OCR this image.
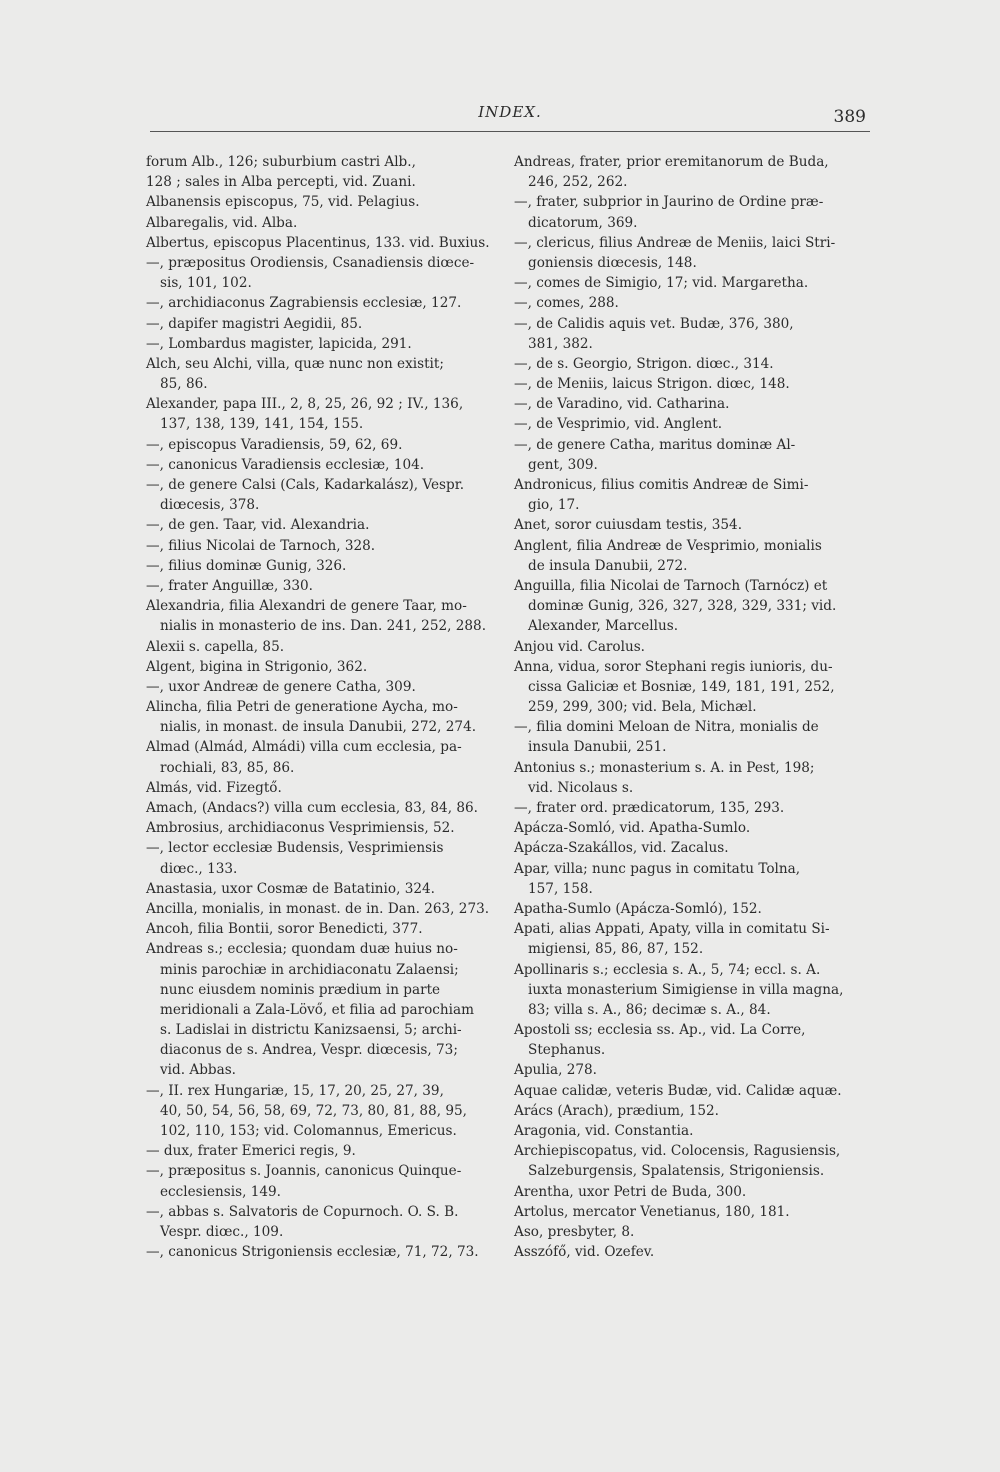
INDEX.	389
forum Alb., 126; suburbium castri Alb.,
128 ; sales in Alba percepti, vid. Zuani.
Albanensis episcopus, 75, vid. Pelagius.
Albaregalis, vid. Alba.
Albertus, episcopus Placentinus, 133. vid. Buxius.
—, præpositus Orodiensis, Csanadiensis diœce-
sis, 101, 102.
—, archidiaconus Zagrabiensis ecclesiæ, 127.
—, dapifer magistri Aegidii, 85.
—, Lombardus magister, lapicida, 291.
Alch, seu Alchi, villa, quæ nunc non existit;
85, 86.
Alexander, papa III., 2, 8, 25, 26, 92 ; IV., 136,
137, 138, 139, 141, 154, 155.
—, episcopus Varadiensis, 59, 62, 69.
—, canonicus Varadiensis ecclesiæ, 104.
—, de genere Calsi (Cals, Kadarkalász), Vespr.
diœcesis, 378.
—, de gen. Taar, vid. Alexandria.
—, filius Nicolai de Tarnoch, 328.
—, filius dominæ Gunig, 326.
—, frater Anguillæ, 330.
Alexandria, filia Alexandri de genere Taar, mo-
nialis in monasterio de ins. Dan. 241, 252, 288.
Alexii s. capella, 85.
Algent, bigina in Strigonio, 362.
—, uxor Andreæ de genere Catha, 309.
Alincha, filia Petri de generatione Aycha, mo-
nialis, in monast. de insula Danubii, 272, 274.
Almad (Almád, Almádi) villa cum ecclesia, pa-
rochiali, 83, 85, 86.
Almás, vid. Fizegtő.
Amach, (Andacs?) villa cum ecclesia, 83, 84, 86.
Ambrosius, archidiaconus Vesprimiensis, 52.
—, lector ecclesiæ Budensis, Vesprimiensis
diœc., 133.
Anastasia, uxor Cosmæ de Batatinio, 324.
Ancilla, monialis, in monast. de in. Dan. 263, 273.
Ancoh, filia Bontii, soror Benedicti, 377.
Andreas s.; ecclesia; quondam duæ huius no-
minis parochiæ in archidiaconatu Zalaensi;
nunc eiusdem nominis prædium in parte
meridionali a Zala-Lövő, et filia ad parochiam
s. Ladislai in districtu Kanizsaensi, 5; archi-
diaconus de s. Andrea, Vespr. diœcesis, 73;
vid. Abbas.
—, II. rex Hungariæ, 15, 17, 20, 25, 27, 39,
40, 50, 54, 56, 58, 69, 72, 73, 80, 81, 88, 95,
102, 110, 153; vid. Colomannus, Emericus.
— dux, frater Emerici regis, 9.
—, præpositus s. Joannis, canonicus Quinque-
ecclesiensis, 149.
—, abbas s. Salvatoris de Copurnoch. O. S. B.
Vespr. diœc., 109.
—, canonicus Strigoniensis ecclesiæ, 71, 72, 73.
Andreas, frater, prior eremitanorum de Buda,
246, 252, 262.
—, frater, subprior in Jaurino de Ordine præ-
dicatorum, 369.
—, clericus, filius Andreæ de Meniis, laici Stri-
goniensis diœcesis, 148.
—, comes de Simigio, 17; vid. Margaretha.
—, comes, 288.
—, de Calidis aquis vet. Budæ, 376, 380,
381, 382.
—, de s. Georgio, Strigon. diœc., 314.
—, de Meniis, laicus Strigon. diœc, 148.
—, de Varadino, vid. Catharina.
—, de Vesprimio, vid. Anglent.
—, de genere Catha, maritus dominæ Al-
gent, 309.
Andronicus, filius comitis Andreæ de Simi-
gio, 17.
Anet, soror cuiusdam testis, 354.
Anglent, filia Andreæ de Vesprimio, monialis
de insula Danubii, 272.
Anguilla, filia Nicolai de Tarnoch (Tarnócz) et
dominæ Gunig, 326, 327, 328, 329, 331; vid.
Alexander, Marcellus.
Anjou vid. Carolus.
Anna, vidua, soror Stephani regis iunioris, du-
cissa Galiciæ et Bosniæ, 149, 181, 191, 252,
259, 299, 300; vid. Bela, Michæl.
—, filia domini Meloan de Nitra, monialis de
insula Danubii, 251.
Antonius s.; monasterium s. A. in Pest, 198;
vid. Nicolaus s.
—, frater ord. prædicatorum, 135, 293.
Apácza-Somló, vid. Apatha-Sumlo.
Apácza-Szakállos, vid. Zacalus.
Apar, villa; nunc pagus in comitatu Tolna,
157, 158.
Apatha-Sumlo (Apácza-Somló), 152.
Apati, alias Appati, Apaty, villa in comitatu Si-
migiensi, 85, 86, 87, 152.
Apollinaris s.; ecclesia s. A., 5, 74; eccl. s. A.
iuxta monasterium Simigiense in villa magna,
83; villa s. A., 86; decimæ s. A., 84.
Apostoli ss; ecclesia ss. Ap., vid. La Corre,
Stephanus.
Apulia, 278.
Aquae calidæ, veteris Budæ, vid. Calidæ aquæ.
Arács (Arach), prædium, 152.
Aragonia, vid. Constantia.
Archiepiscopatus, vid. Colocensis, Ragusiensis,
Salzeburgensis, Spalatensis, Strigoniensis.
Arentha, uxor Petri de Buda, 300.
Artolus, mercator Venetianus, 180, 181.
Aso, presbyter, 8.
Asszófő, vid. Ozefev.
